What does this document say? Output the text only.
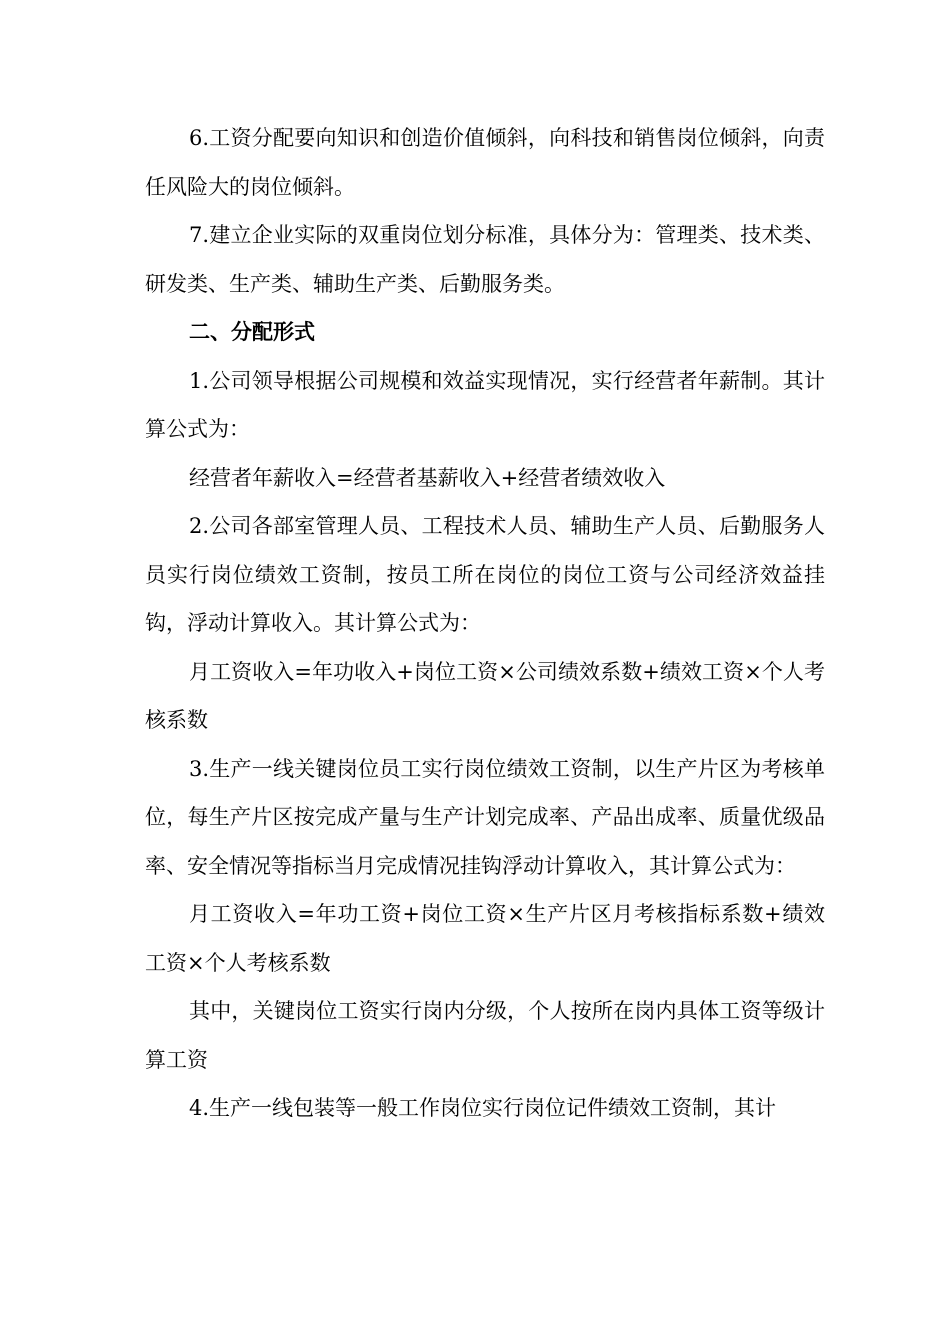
6.工资分配要向知识和创造价值倾斜，向科技和销售岗位倾斜，向责任风险大的岗位倾斜。

7.建立企业实际的双重岗位划分标准，具体分为：管理类、技术类、研发类、生产类、辅助生产类、后勤服务类。

二、分配形式

1.公司领导根据公司规模和效益实现情况，实行经营者年薪制。其计算公式为：

经营者年薪收入=经营者基薪收入+经营者绩效收入

2.公司各部室管理人员、工程技术人员、辅助生产人员、后勤服务人员实行岗位绩效工资制，按员工所在岗位的岗位工资与公司经济效益挂钩，浮动计算收入。其计算公式为：

月工资收入=年功收入+岗位工资×公司绩效系数+绩效工资×个人考核系数

3.生产一线关键岗位员工实行岗位绩效工资制，以生产片区为考核单位，每生产片区按完成产量与生产计划完成率、产品出成率、质量优级品率、安全情况等指标当月完成情况挂钩浮动计算收入，其计算公式为：

月工资收入=年功工资+岗位工资×生产片区月考核指标系数+绩效工资×个人考核系数

其中，关键岗位工资实行岗内分级，个人按所在岗内具体工资等级计算工资

4.生产一线包装等一般工作岗位实行岗位记件绩效工资制，其计
